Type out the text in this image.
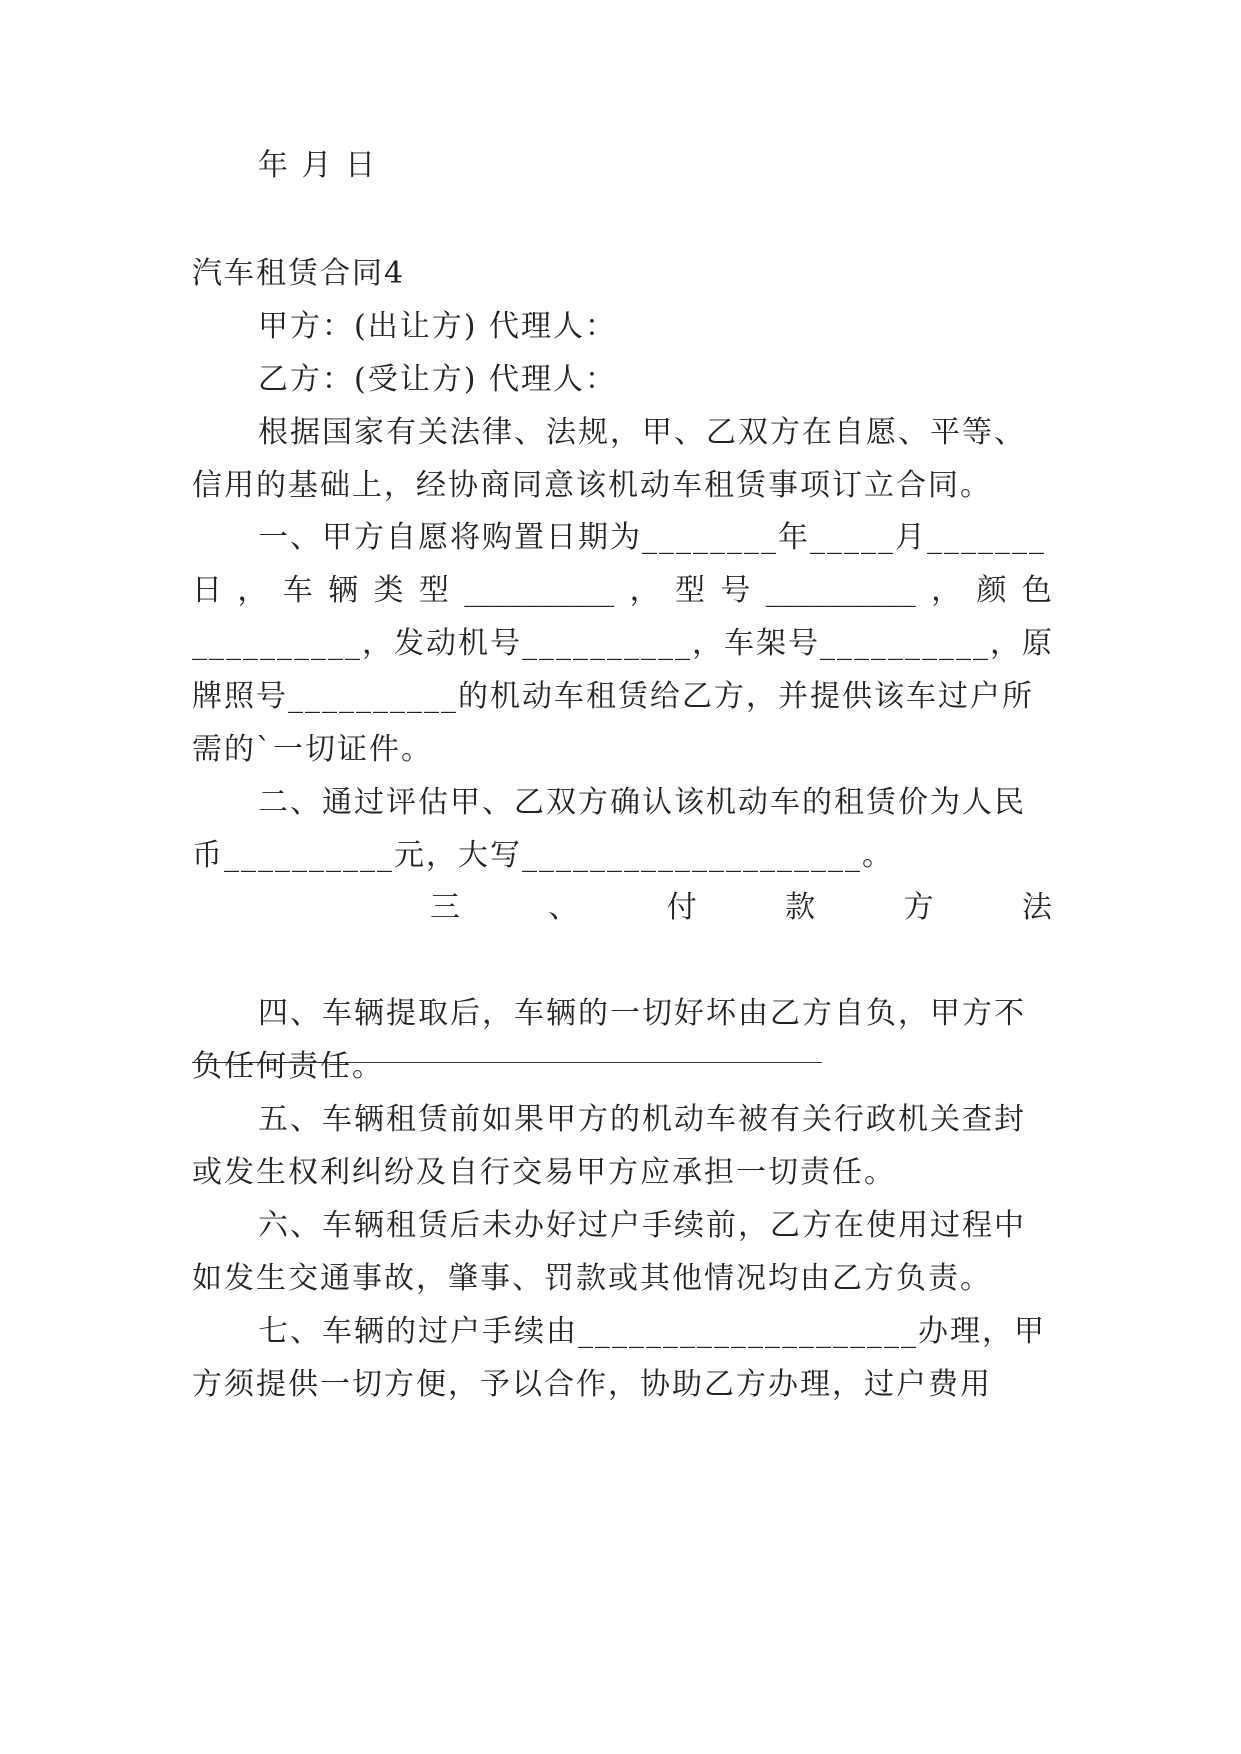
年 月 日
汽车租赁合同4
甲方：(出让方) 代理人：
乙方：(受让方) 代理人：
根据国家有关法律、法规，甲、乙双方在自愿、平等、
信用的基础上，经协商同意该机动车租赁事项订立合同。
一、甲方自愿将购置日期为________年_____月_______
日 ， 车 辆 类 型 __________ ， 型 号 __________ ， 颜 色
__________，发动机号__________，车架号__________，原
牌照号__________的机动车租赁给乙方，并提供该车过户所
需的`一切证件。
二、通过评估甲、乙双方确认该机动车的租赁价为人民
币__________元，大写____________________。
三	、	付	款	方	法
四、车辆提取后，车辆的一切好坏由乙方自负，甲方不
负任何责任。
五、车辆租赁前如果甲方的机动车被有关行政机关查封
或发生权利纠纷及自行交易甲方应承担一切责任。
六、车辆租赁后未办好过户手续前，乙方在使用过程中
如发生交通事故，肇事、罚款或其他情况均由乙方负责。
七、车辆的过户手续由____________________办理，甲
方须提供一切方便，予以合作，协助乙方办理，过户费用
